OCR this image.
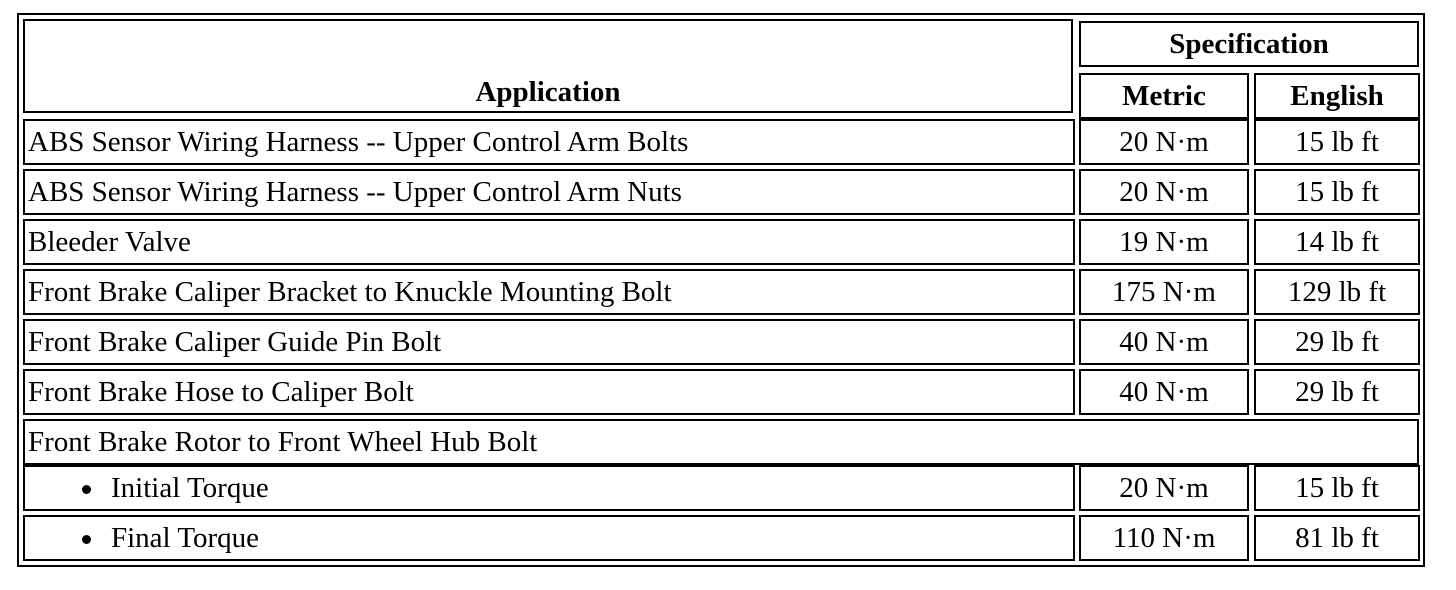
Application
Specification
Metric	English
ABS Sensor Wiring Harness -- Upper Control Arm Bolts	20 N·m	15 lb ft
ABS Sensor Wiring Harness -- Upper Control Arm Nuts	20 N·m	15 lb ft
Bleeder Valve	19 N·m	14 lb ft
Front Brake Caliper Bracket to Knuckle Mounting Bolt	175 N·m 129 lb ft
Front Brake Caliper Guide Pin Bolt	40 N·m	29 lb ft
Front Brake Hose to Caliper Bolt	40 N·m	29 lb ft
Front Brake Rotor to Front Wheel Hub Bolt
Initial Torque	20 N·m	15 lb ft
Final Torque	110 N·m	81 lb ft
